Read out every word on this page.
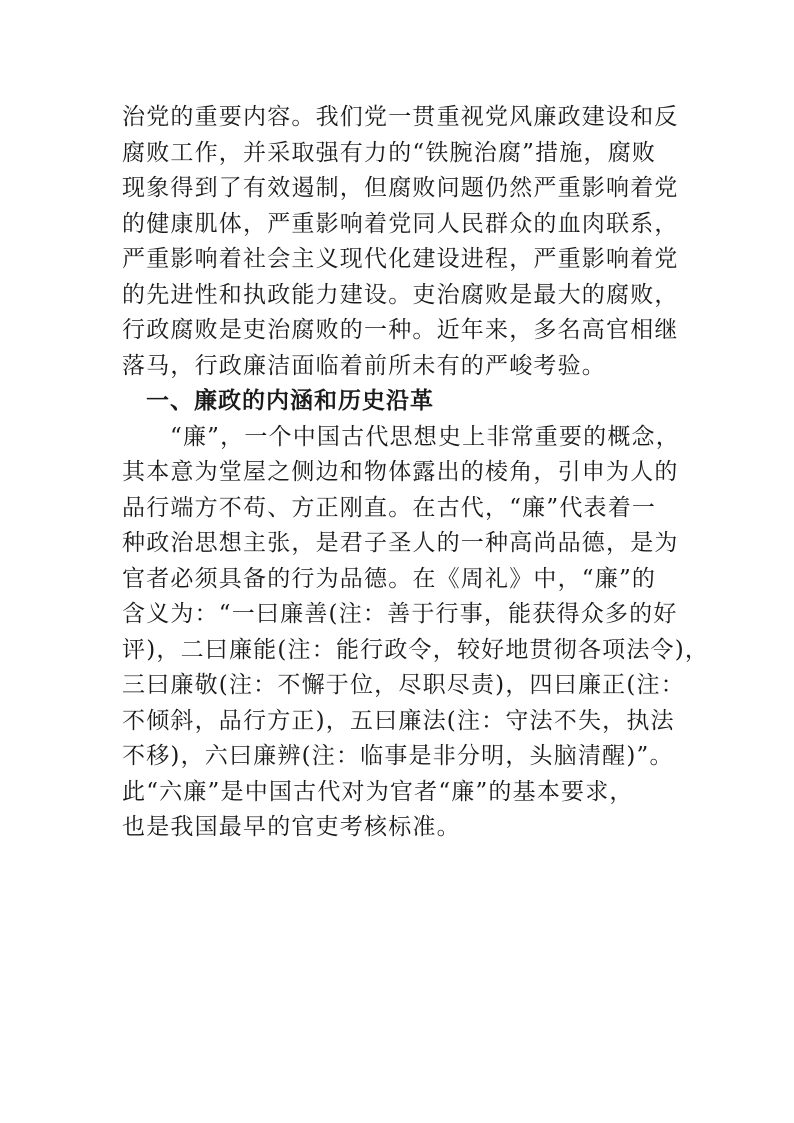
治党的重要内容。我们党一贯重视党风廉政建设和反
腐败工作，并采取强有力的“铁腕治腐”措施，腐败
现象得到了有效遏制，但腐败问题仍然严重影响着党
的健康肌体，严重影响着党同人民群众的血肉联系，
严重影响着社会主义现代化建设进程，严重影响着党
的先进性和执政能力建设。吏治腐败是最大的腐败，
行政腐败是吏治腐败的一种。近年来，多名高官相继
落马，行政廉洁面临着前所未有的严峻考验。
一、廉政的内涵和历史沿革
“廉”，一个中国古代思想史上非常重要的概念，
其本意为堂屋之侧边和物体露出的棱角，引申为人的
品行端方不苟、方正刚直。在古代，“廉”代表着一
种政治思想主张，是君子圣人的一种高尚品德，是为
官者必须具备的行为品德。在《周礼》中，“廉”的
含义为：“一曰廉善(注：善于行事，能获得众多的好
评)，二曰廉能(注：能行政令，较好地贯彻各项法令)，
三曰廉敬(注：不懈于位，尽职尽责)，四曰廉正(注：
不倾斜，品行方正)，五曰廉法(注：守法不失，执法
不移)，六曰廉辨(注：临事是非分明，头脑清醒)”。
此“六廉”是中国古代对为官者“廉”的基本要求，
也是我国最早的官吏考核标准。
